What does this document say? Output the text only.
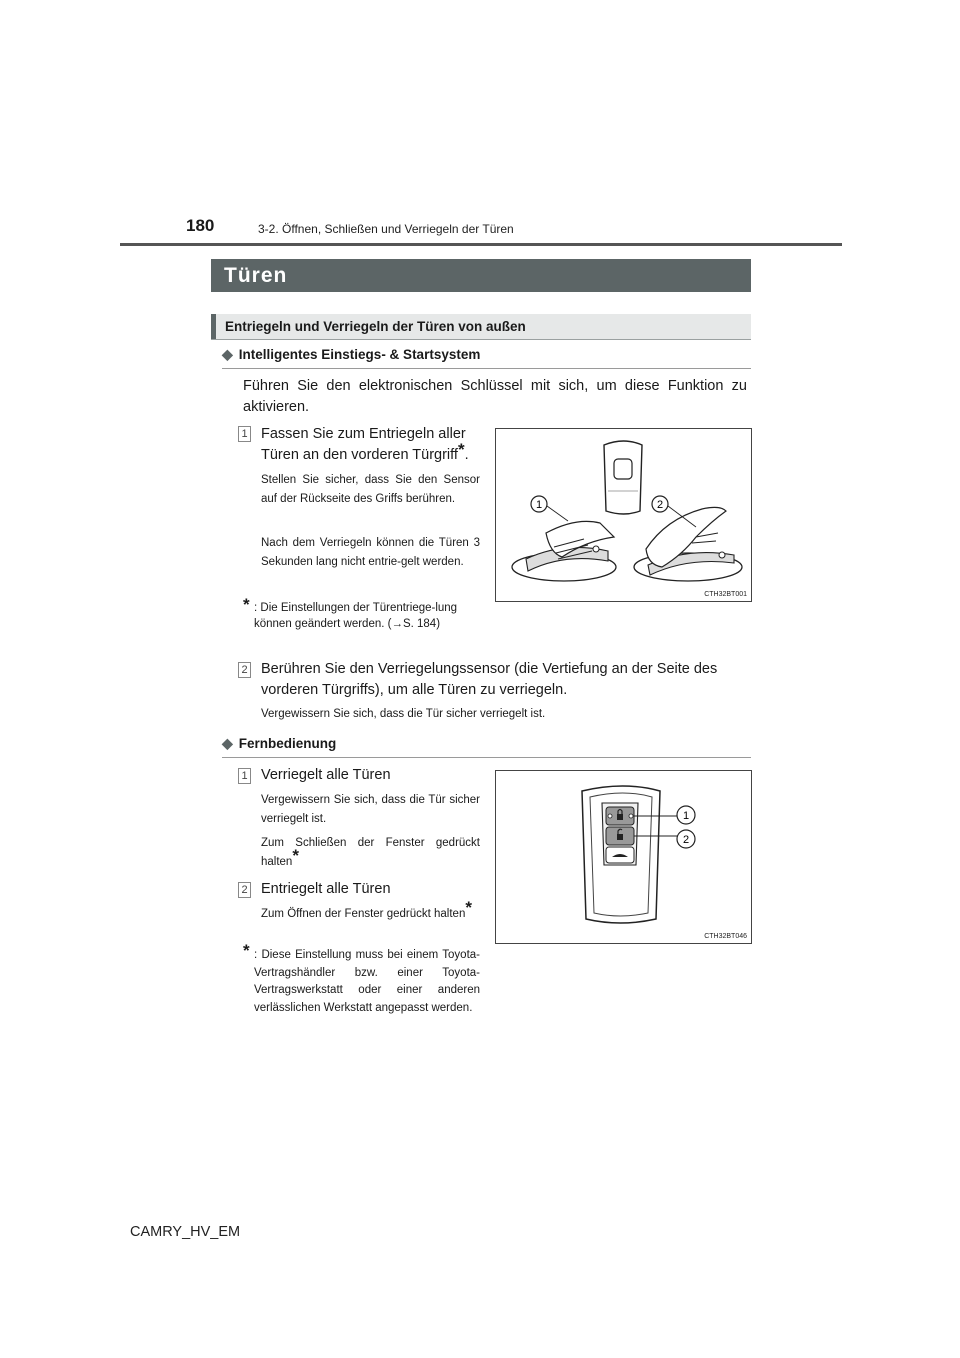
180	3-2. Öffnen, Schließen und Verriegeln der Türen
Türen
Entriegeln und Verriegeln der Türen von außen
◆ Intelligentes Einstiegs- & Startsystem
Führen Sie den elektronischen Schlüssel mit sich, um diese Funktion zu aktivieren.
1 Fassen Sie zum Entriegeln aller Türen an den vorderen Türgriff*.
Stellen Sie sicher, dass Sie den Sensor auf der Rückseite des Griffs berühren.
Nach dem Verriegeln können die Türen 3 Sekunden lang nicht entrie-gelt werden.
* : Die Einstellungen der Türentriege-lung können geändert werden. (→S. 184)
1	2
CTH32BT001
2 Berühren Sie den Verriegelungssensor (die Vertiefung an der Seite des vorderen Türgriffs), um alle Türen zu verriegeln.
Vergewissern Sie sich, dass die Tür sicher verriegelt ist.
◆ Fernbedienung
1 Verriegelt alle Türen
Vergewissern Sie sich, dass die Tür sicher verriegelt ist.
Zum Schließen der Fenster gedrückt halten*
2 Entriegelt alle Türen
Zum Öffnen der Fenster gedrückt halten*
* : Diese Einstellung muss bei einem Toyota-Vertragshändler bzw. einer Toyota-Vertragswerkstatt oder einer anderen verlässlichen Werkstatt angepasst werden.
1
2
CTH32BT046
CAMRY_HV_EM
